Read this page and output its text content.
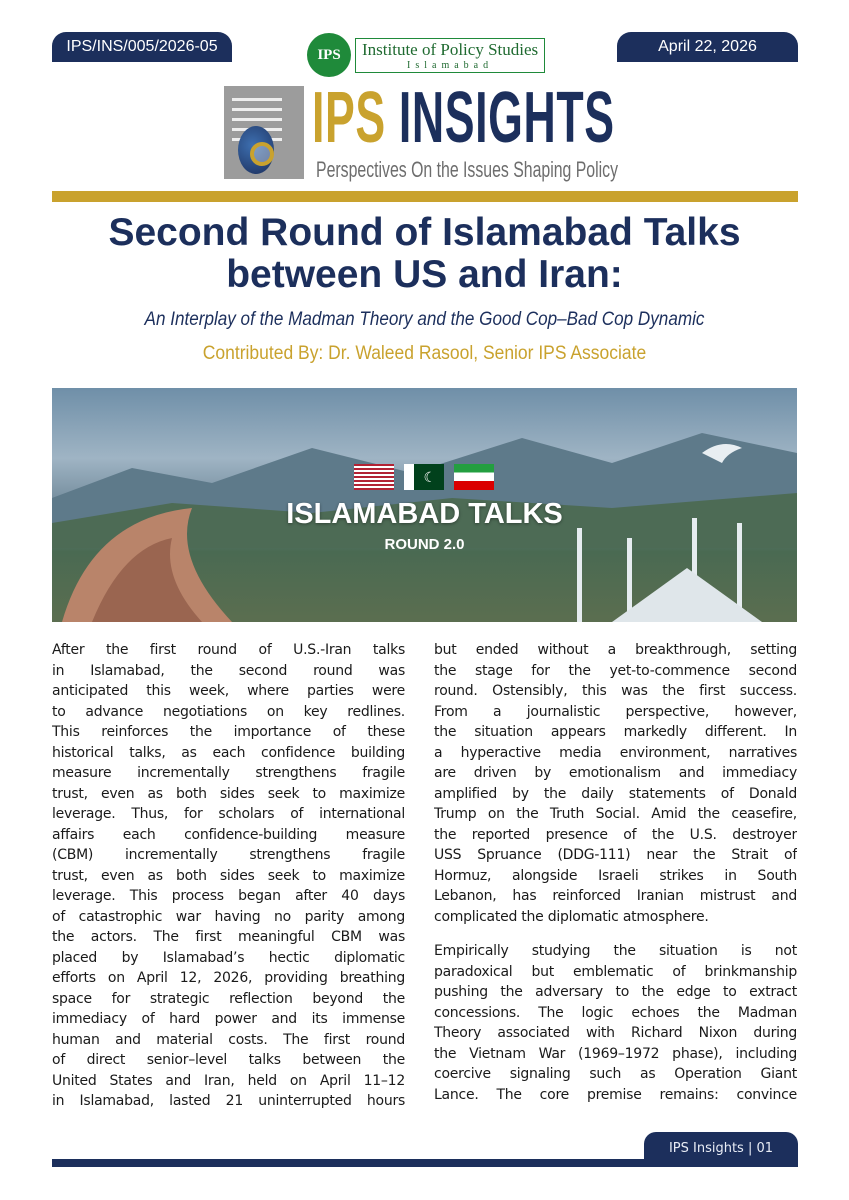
IPS/INS/005/2026-05	April 22, 2026
IPS	Institute of Policy Studies
Islamabad
IPS INSIGHTS
Perspectives On the Issues Shaping Policy
Second Round of Islamabad Talks
between US and Iran:
An Interplay of the Madman Theory and the Good Cop–Bad Cop Dynamic
Contributed By: Dr. Waleed Rasool, Senior IPS Associate
☾
ISLAMABAD TALKS
ROUND 2.0
After the first round of U.S.-Iran talks
in Islamabad, the second round was
anticipated this week, where parties were
to advance negotiations on key redlines.
This reinforces the importance of these
historical talks, as each confidence building
measure incrementally strengthens fragile
trust, even as both sides seek to maximize
leverage. Thus, for scholars of international
affairs each confidence-building measure
(CBM) incrementally strengthens fragile
trust, even as both sides seek to maximize
leverage. This process began after 40 days
of catastrophic war having no parity among
the actors. The first meaningful CBM was
placed by Islamabad’s hectic diplomatic
efforts on April 12, 2026, providing breathing
space for strategic reflection beyond the
immediacy of hard power and its immense
human and material costs. The first round
of direct senior–level talks between the
United States and Iran, held on April 11–12
in Islamabad, lasted 21 uninterrupted hours
but ended without a breakthrough, setting
the stage for the yet-to-commence second
round. Ostensibly, this was the first success.
From a journalistic perspective, however,
the situation appears markedly different. In
a hyperactive media environment, narratives
are driven by emotionalism and immediacy
amplified by the daily statements of Donald
Trump on the Truth Social. Amid the ceasefire,
the reported presence of the U.S. destroyer
USS Spruance (DDG-111) near the Strait of
Hormuz, alongside Israeli strikes in South
Lebanon, has reinforced Iranian mistrust and
complicated the diplomatic atmosphere.
Empirically studying the situation is not
paradoxical but emblematic of brinkmanship
pushing the adversary to the edge to extract
concessions. The logic echoes the Madman
Theory associated with Richard Nixon during
the Vietnam War (1969–1972 phase), including
coercive signaling such as Operation Giant
Lance. The core premise remains: convince
IPS Insights | 01
